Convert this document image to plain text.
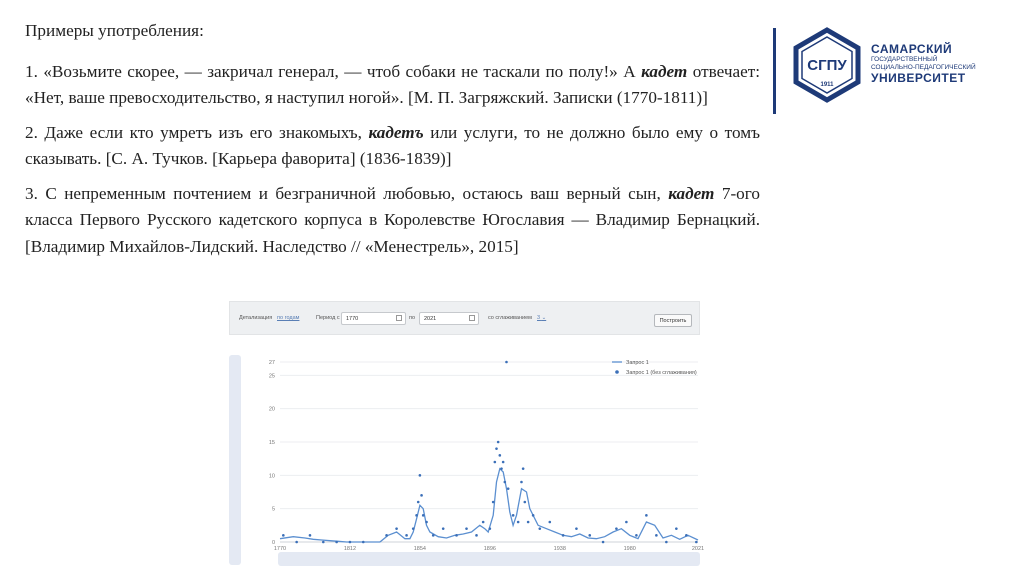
Примеры употребления:

1. «Возьмите скорее, — закричал генерал, — чтоб собаки не таскали по полу!» А кадет отвечает: «Нет, ваше превосходительство, я наступил ногой». [М. П. Загряжский. Записки (1770-1811)]

2. Даже если кто умретъ изъ его знакомыхъ, кадетъ или услуги, то не должно было ему о томъ сказывать. [С. А. Тучков. [Карьера фаворита] (1836-1839)]

3. С непременным почтением и безграничной любовью, остаюсь ваш верный сын, кадет 7-ого класса Первого Русского кадетского корпуса в Королевстве Югославия — Владимир Бернацкий. [Владимир Михайлов-Лидский. Наследство // «Менестрель», 2015]

СГПУ
1911
САМАРСКИЙ
ГОСУДАРСТВЕННЫЙ
СОЦИАЛЬНО-ПЕДАГОГИЧЕСКИЙ
УНИВЕРСИТЕТ
Детализация по годам	Период с	1770	по	2021	со сглаживанием 3 ⌄	Построить
0
5
10
15
20
25
27
1770	1812	1854	1896	1938	1980	2021
Запрос 1
Запрос 1 (без сглаживания)
